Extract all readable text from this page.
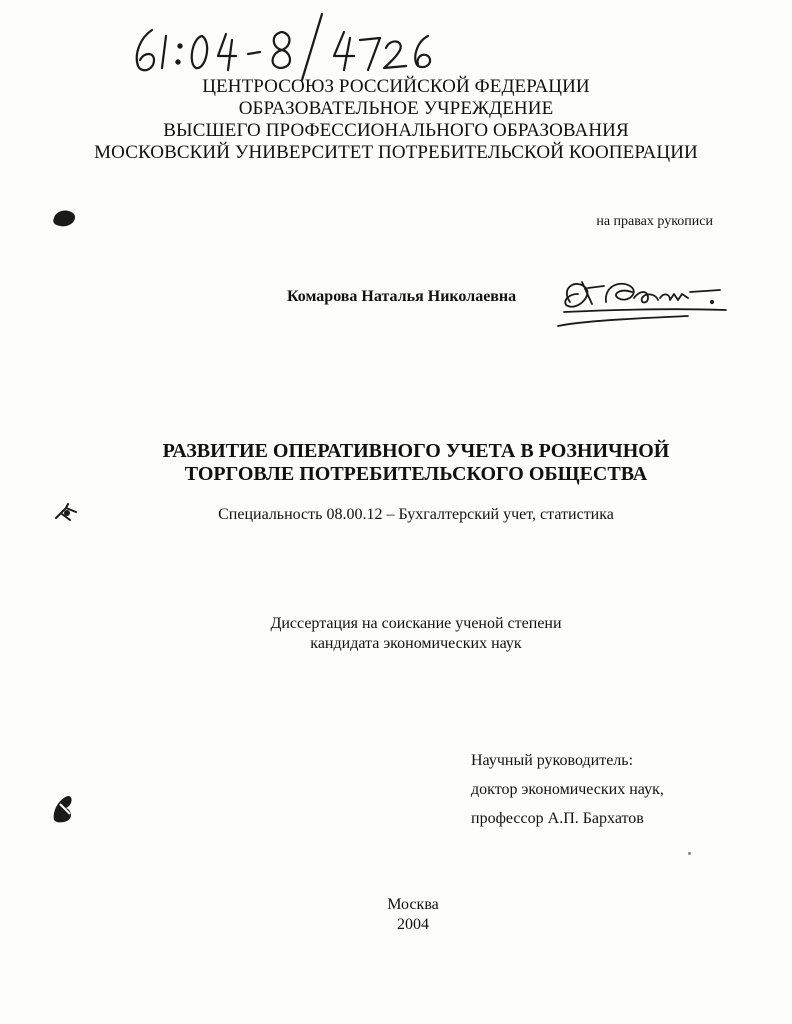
61:04-8/4726
ЦЕНТРОСОЮЗ РОССИЙСКОЙ ФЕДЕРАЦИИ
ОБРАЗОВАТЕЛЬНОЕ УЧРЕЖДЕНИЕ
ВЫСШЕГО ПРОФЕССИОНАЛЬНОГО ОБРАЗОВАНИЯ
МОСКОВСКИЙ УНИВЕРСИТЕТ ПОТРЕБИТЕЛЬСКОЙ КООПЕРАЦИИ
на правах рукописи
Комарова Наталья Николаевна
РАЗВИТИЕ ОПЕРАТИВНОГО УЧЕТА В РОЗНИЧНОЙ
ТОРГОВЛЕ ПОТРЕБИТЕЛЬСКОГО ОБЩЕСТВА
Специальность 08.00.12 – Бухгалтерский учет, статистика
Диссертация на соискание ученой степени
кандидата экономических наук
Научный руководитель:
доктор экономических наук,
профессор А.П. Бархатов
Москва
2004
